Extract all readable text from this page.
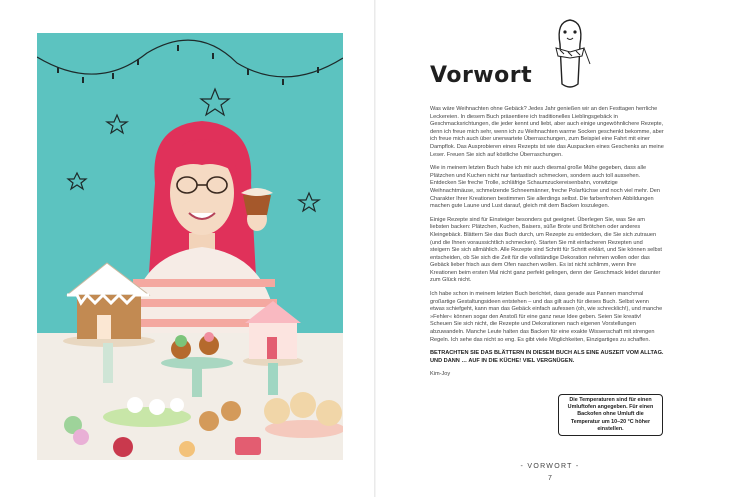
Vorwort

Was wäre Weihnachten ohne Gebäck? Jedes Jahr genießen wir an den Festtagen herrliche Leckereien. In diesem Buch präsentiere ich traditionelles Lieblingsgebäck in Geschmacksrichtungen, die jeder kennt und liebt, aber auch einige ungewöhnlichere Rezepte, denn ich freue mich sehr, wenn ich zu Weihnachten warme Socken geschenkt bekomme, aber ich freue mich auch über unerwartete Überraschungen, zum Beispiel eine Fahrt mit einer Dampflok. Das Ausprobieren eines Rezepts ist wie das Auspacken eines Geschenks an meine Leser. Freuen Sie sich auf köstliche Überraschungen.

Wie in meinem letzten Buch habe ich mir auch diesmal große Mühe gegeben, dass alle Plätzchen und Kuchen nicht nur fantastisch schmecken, sondern auch toll aussehen. Entdecken Sie freche Trolle, schläfrige Schaumzuckereisenbahn, vorwitzige Weihnachtmäuse, schmelzende Schneemänner, freche Polarfüchse und noch viel mehr. Den Charakter Ihrer Kreationen bestimmen Sie allerdings selbst. Die farbenfrohen Abbildungen machen gute Laune und Lust darauf, gleich mit dem Backen loszulegen.

Einige Rezepte sind für Einsteiger besonders gut geeignet. Überlegen Sie, was Sie am liebsten backen: Plätzchen, Kuchen, Baisers, süße Brote und Brötchen oder anderes Kleingebäck. Blättern Sie das Buch durch, um Rezepte zu entdecken, die Sie sich zutrauen (und die Ihnen voraussichtlich schmecken). Starten Sie mit einfacheren Rezepten und steigern Sie sich allmählich. Alle Rezepte sind Schritt für Schritt erklärt, und Sie können selbst entscheiden, ob Sie sich die Zeit für die vollständige Dekoration nehmen wollen oder das Gebäck lieber frisch aus dem Ofen naschen wollen. Es ist nicht schlimm, wenn Ihre Kreationen beim ersten Mal nicht ganz perfekt gelingen, denn der Geschmack leidet darunter zum Glück nicht.

Ich habe schon in meinem letzten Buch berichtet, dass gerade aus Pannen manchmal großartige Gestaltungsideen entstehen – und das gilt auch für dieses Buch. Selbst wenn etwas schiefgeht, kann man das Gebäck einfach aufessen (oh, wie schrecklich!), und manche »Fehler« können sogar den Anstoß für eine ganz neue Idee geben. Seien Sie kreativ! Scheuen Sie sich nicht, die Rezepte und Dekorationen nach eigenen Vorstellungen abzuwandeln. Manche Leute halten das Backen für eine exakte Wissenschaft mit strengen Regeln. Ich sehe das nicht so eng. Es gibt viele Möglichkeiten, Einzigartiges zu schaffen.

BETRACHTEN SIE DAS BLÄTTERN IN DIESEM BUCH ALS EINE AUSZEIT VOM ALLTAG. UND DANN … AUF IN DIE KÜCHE! VIEL VERGNÜGEN.

Kim-Joy

Die Temperaturen sind für einen Umluftofen angegeben. Für einen Backofen ohne Umluft die Temperatur um 10–20 °C höher einstellen.
- VORWORT -
7
